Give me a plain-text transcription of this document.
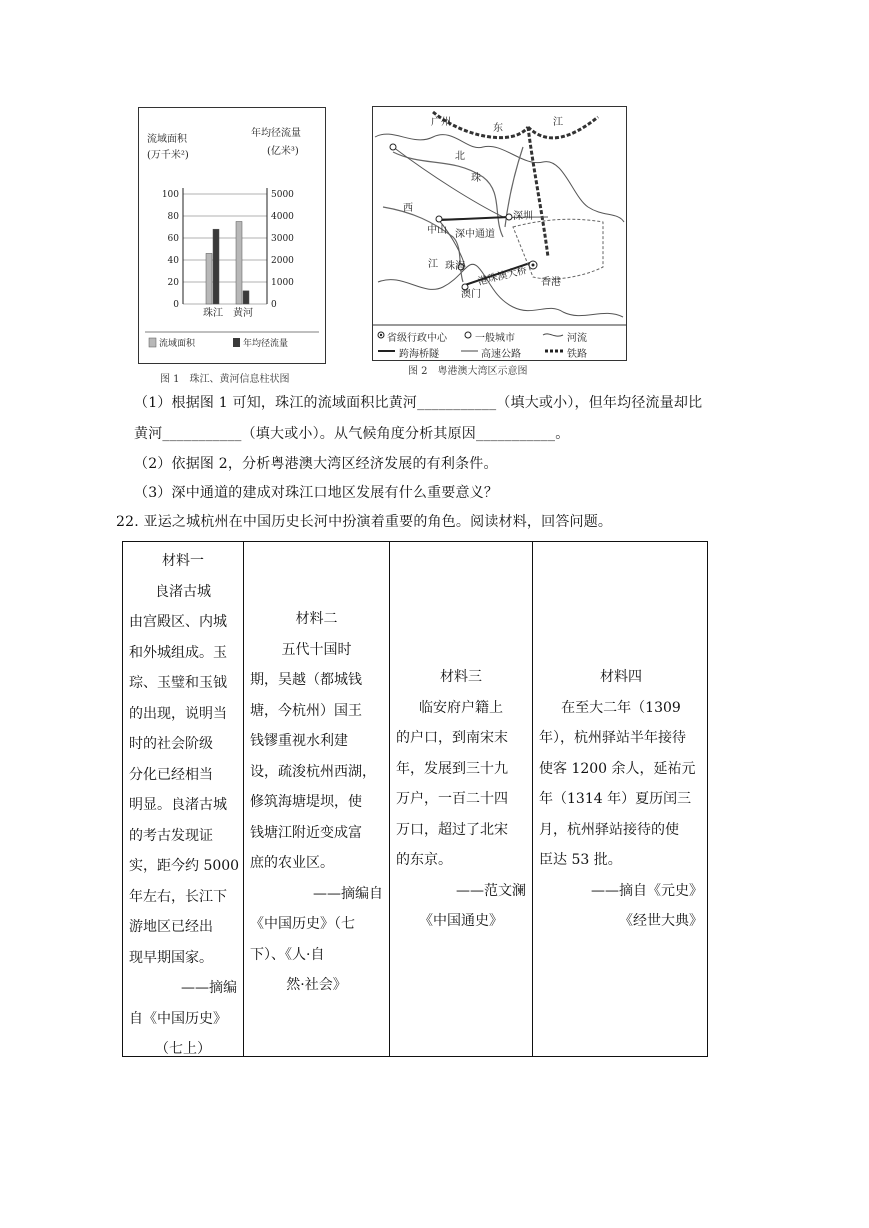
流域面积
(万千米²)
年均径流量
(亿米³)
100
80
60
40
20
0
5000
4000
3000
2000
1000
0
珠江 黄河
流域面积	年均径流量
图 1　珠江、黄河信息柱状图
广州
东
江
北
珠
西
江
中山
深圳
深中通道
珠海 港珠澳大桥
澳门
香港
省级行政中心	一般城市	河流
跨海桥隧	高速公路	铁路
图 2　粤港澳大湾区示意图
（1）根据图 1 可知，珠江的流域面积比黄河___________（填大或小），但年均径流量却比
黄河___________（填大或小）。从气候角度分析其原因___________。
（2）依据图 2，分析粤港澳大湾区经济发展的有利条件。
（3）深中通道的建成对珠江口地区发展有什么重要意义？
22. 亚运之城杭州在中国历史长河中扮演着重要的角色。阅读材料，回答问题。
材料一
良渚古城
由宫殿区、内城
和外城组成。玉
琮、玉璧和玉钺
的出现，说明当
时的社会阶级
分化已经相当
明显。良渚古城
的考古发现证
实，距今约 5000
年左右，长江下
游地区已经出
现早期国家。
——摘编
自《中国历史》
（七上）
材料二
五代十国时
期，吴越（都城钱
塘，今杭州）国王
钱镠重视水利建
设，疏浚杭州西湖，
修筑海塘堤坝，使
钱塘江附近变成富
庶的农业区。
——摘编自
《中国历史》（七
下）、《人·自
然·社会》
材料三
临安府户籍上
的户口，到南宋末
年，发展到三十九
万户，一百二十四
万口，超过了北宋
的东京。
——范文澜
《中国通史》
材料四
在至大二年（1309
年），杭州驿站半年接待
使客 1200 余人，延祐元
年（1314 年）夏历闰三
月，杭州驿站接待的使
臣达 53 批。
——摘自《元史》
《经世大典》
